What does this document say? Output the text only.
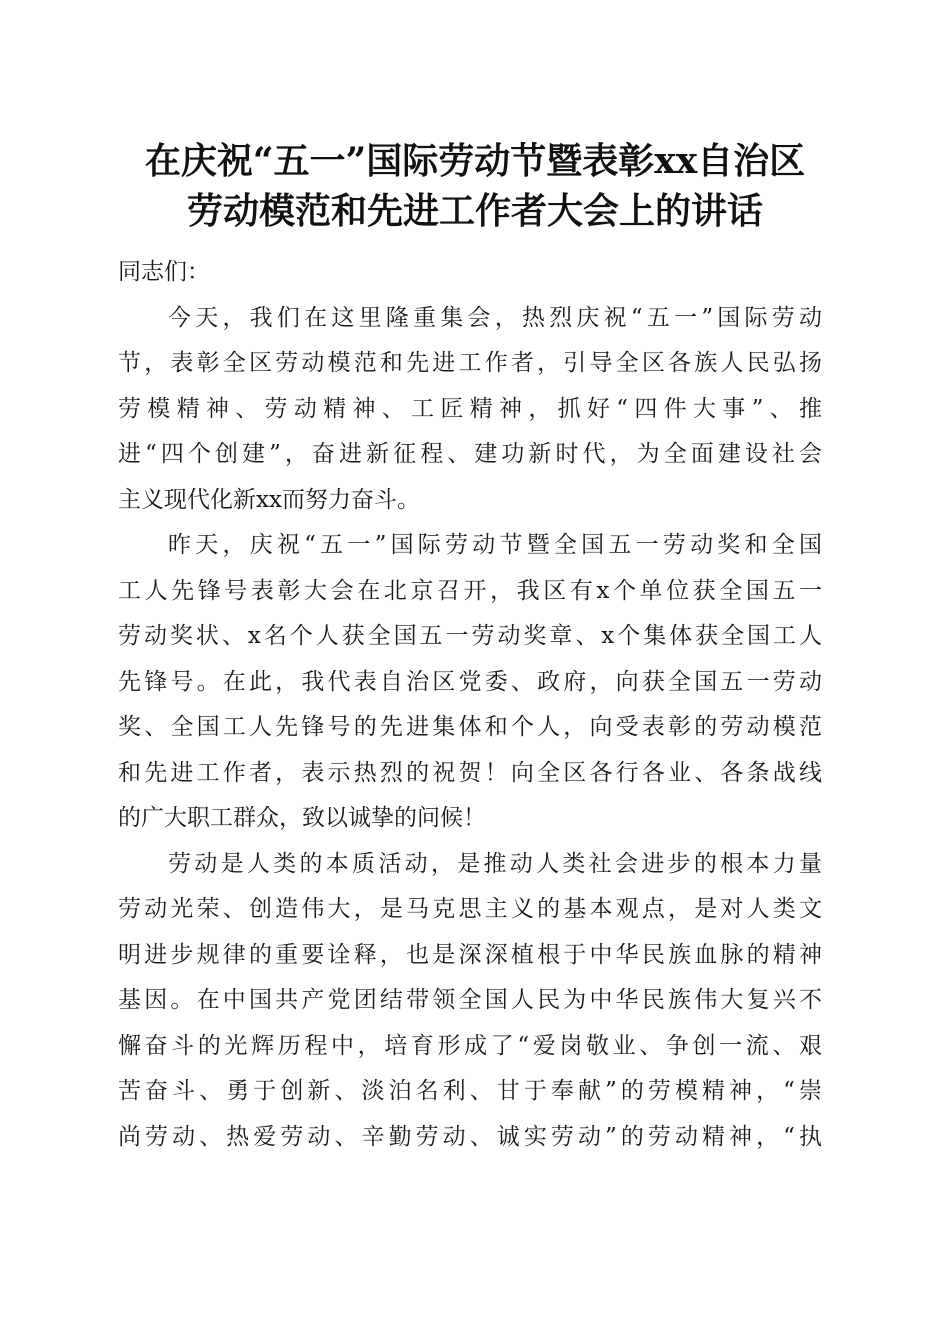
在庆祝“五一”国际劳动节暨表彰xx自治区
劳动模范和先进工作者大会上的讲话
同志们：
今天，我们在这里隆重集会，热烈庆祝“五一”国际劳动
节，表彰全区劳动模范和先进工作者，引导全区各族人民弘扬
劳模精神、劳动精神、工匠精神，抓好“四件大事”、推
进“四个创建”，奋进新征程、建功新时代，为全面建设社会
主义现代化新xx而努力奋斗。
昨天，庆祝“五一”国际劳动节暨全国五一劳动奖和全国
工人先锋号表彰大会在北京召开，我区有x个单位获全国五一
劳动奖状、x名个人获全国五一劳动奖章、x个集体获全国工人
先锋号。在此，我代表自治区党委、政府，向获全国五一劳动
奖、全国工人先锋号的先进集体和个人，向受表彰的劳动模范
和先进工作者，表示热烈的祝贺！向全区各行各业、各条战线
的广大职工群众，致以诚挚的问候！
劳动是人类的本质活动，是推动人类社会进步的根本力量
劳动光荣、创造伟大，是马克思主义的基本观点，是对人类文
明进步规律的重要诠释，也是深深植根于中华民族血脉的精神
基因。在中国共产党团结带领全国人民为中华民族伟大复兴不
懈奋斗的光辉历程中，培育形成了“爱岗敬业、争创一流、艰
苦奋斗、勇于创新、淡泊名利、甘于奉献”的劳模精神，“崇
尚劳动、热爱劳动、辛勤劳动、诚实劳动”的劳动精神，“执
